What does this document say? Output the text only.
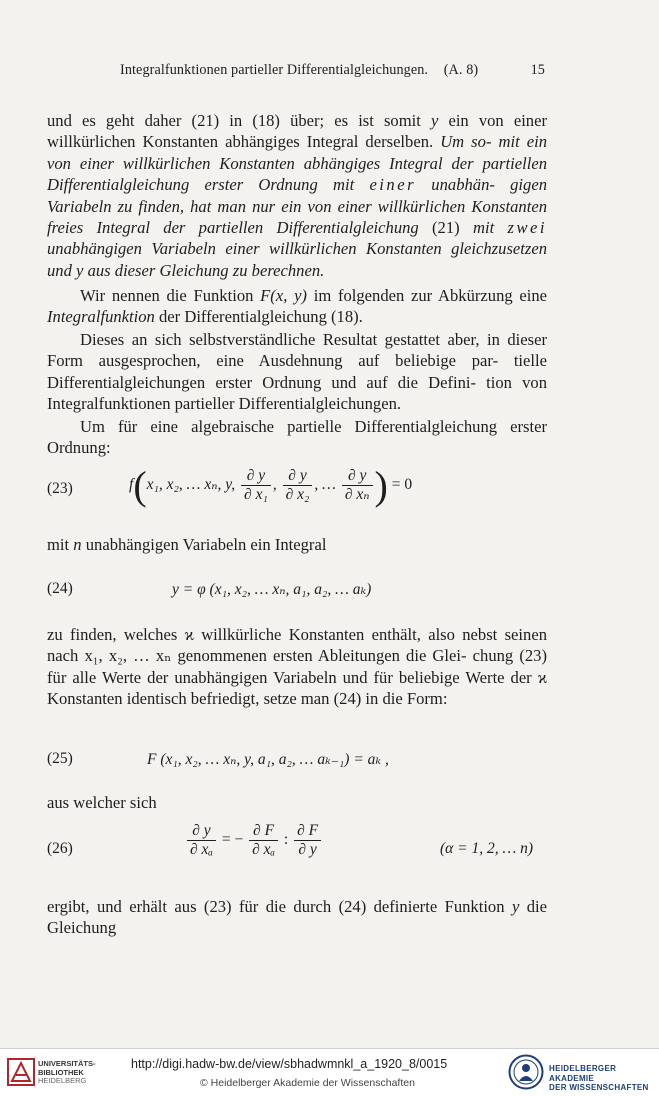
Integralfunktionen partieller Differentialgleichungen. (A. 8)	15

und es geht daher (21) in (18) über; es ist somit y ein von einer willkürlichen Konstanten abhängiges Integral derselben. Um so- mit ein von einer willkürlichen Konstanten abhängiges Integral der partiellen Differentialgleichung erster Ordnung mit einer unabhän- gigen Variabeln zu finden, hat man nur ein von einer willkürlichen Konstanten freies Integral der partiellen Differentialgleichung (21) mit zwei unabhängigen Variabeln einer willkürlichen Konstanten gleichzusetzen und y aus dieser Gleichung zu berechnen.

Wir nennen die Funktion F(x, y) im folgenden zur Abkürzung eine Integralfunktion der Differentialgleichung (18).

Dieses an sich selbstverständliche Resultat gestattet aber, in dieser Form ausgesprochen, eine Ausdehnung auf beliebige par- tielle Differentialgleichungen erster Ordnung und auf die Defini- tion von Integralfunktionen partieller Differentialgleichungen.

Um für eine algebraische partielle Differentialgleichung erster Ordnung:

(23)	f(x₁, x₂, … xₙ, y, $\frac{\partial y}{\text{∂ x₁}}$ , $\frac{\partial y}{\text{∂ x₂}}$ , … $\frac{\partial y}{\text{∂ xₙ}}$ ) = 0

mit n unabhängigen Variabeln ein Integral

(24)	y = φ (x₁, x₂, … xₙ, a₁, a₂, … aₖ)

zu finden, welches ϰ willkürliche Konstanten enthält, also nebst seinen nach x₁, x₂, … xₙ genommenen ersten Ableitungen die Glei- chung (23) für alle Werte der unabhängigen Variabeln und für beliebige Werte der ϰ Konstanten identisch befriedigt, setze man (24) in die Form:

(25)	F (x₁, x₂, … xₙ, y, a₁, a₂, … aₖ₋₁) = aₖ ,

aus welcher sich

(26)	$\frac{\partial y}{\text{∂ xₐ}}$ = − $\frac{\partial F}{\text{∂ xₐ}}$ : $\frac{\partial F}{\partial y}$	(α = 1, 2, … n)

ergibt, und erhält aus (23) für die durch (24) definierte Funktion y die Gleichung

UNIVERSITÄTS-
BIBLIOTHEK
HEIDELBERG
http://digi.hadw-bw.de/view/sbhadwmnkl_a_1920_8/0015
© Heidelberger Akademie der Wissenschaften
HEIDELBERGER AKADEMIE
DER WISSENSCHAFTEN
